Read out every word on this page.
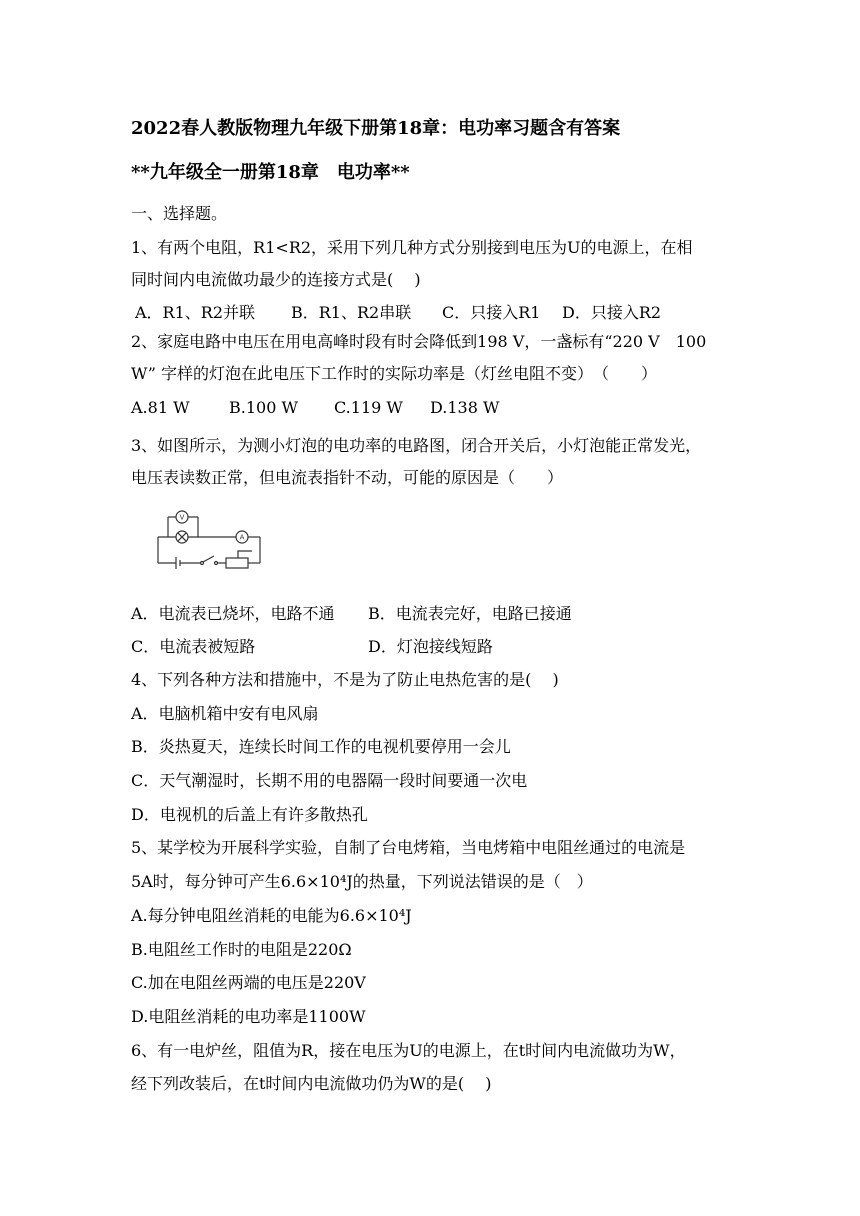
2022春人教版物理九年级下册第18章：电功率习题含有答案
**九年级全一册第18章　电功率**
一、选择题。
1、有两个电阻，R1<R2，采用下列几种方式分别接到电压为U的电源上，在相
同时间内电流做功最少的连接方式是(　 )
A．R1、R2并联	B．R1、R2串联	C．只接入R1	D．只接入R2
2、家庭电路中电压在用电高峰时段有时会降低到198 V，一盏标有“220 V　100
W” 字样的灯泡在此电压下工作时的实际功率是（灯丝电阻不变）　（　　）
A.81 W	B.100 W	C.119 W	D.138 W
3、如图所示，为测小灯泡的电功率的电路图，闭合开关后，小灯泡能正常发光，
电压表读数正常，但电流表指针不动，可能的原因是（　　）
V
A
A．电流表已烧坏，电路不通	B．电流表完好，电路已接通
C．电流表被短路	D．灯泡接线短路
4、下列各种方法和措施中，不是为了防止电热危害的是(　 )
A．电脑机箱中安有电风扇
B．炎热夏天，连续长时间工作的电视机要停用一会儿
C．天气潮湿时，长期不用的电器隔一段时间要通一次电
D．电视机的后盖上有许多散热孔
5、某学校为开展科学实验，自制了台电烤箱，当电烤箱中电阻丝通过的电流是
5A时，每分钟可产生6.6×10⁴J的热量，下列说法错误的是（　）
A.每分钟电阻丝消耗的电能为6.6×10⁴J
B.电阻丝工作时的电阻是220Ω
C.加在电阻丝两端的电压是220V
D.电阻丝消耗的电功率是1100W
6、有一电炉丝，阻值为R，接在电压为U的电源上，在t时间内电流做功为W，
经下列改装后，在t时间内电流做功仍为W的是(　 )
